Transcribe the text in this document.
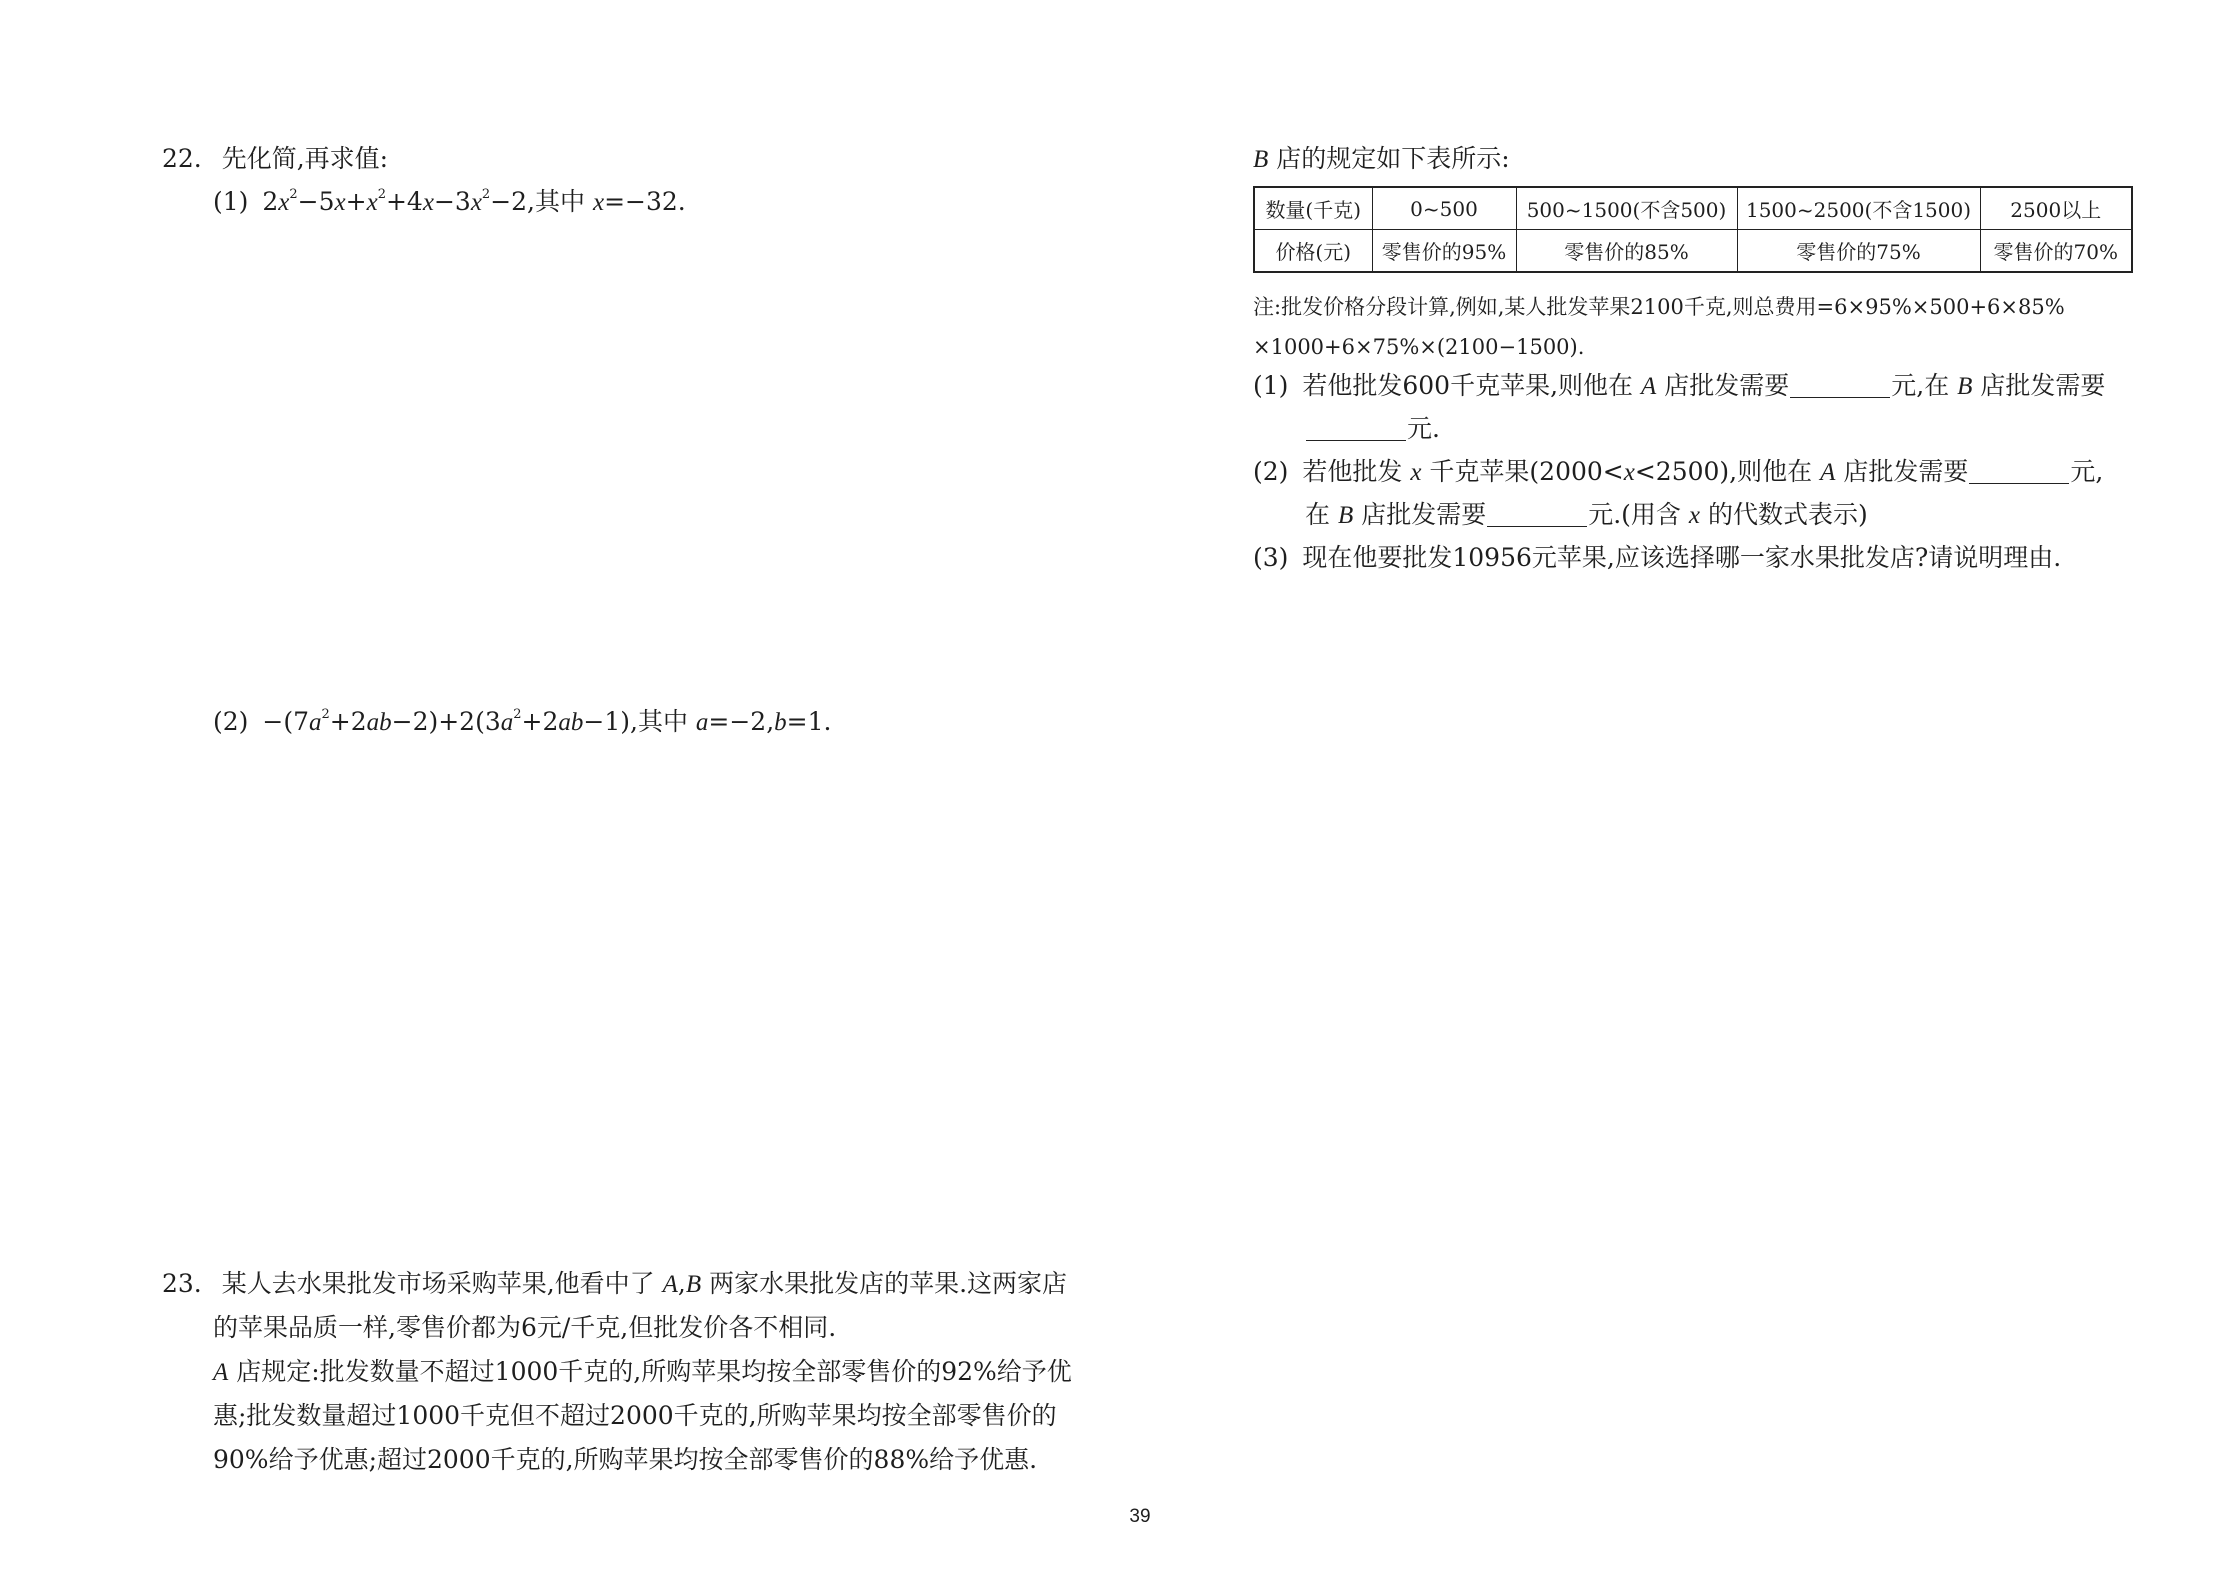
22. 先化简,再求值:
(1) $2x^2-5x+x^2+4x-3x^2-2$,其中 x=−32.
$(2) -(7a^2+2ab-2)+2(3a^2+2ab-1)$,其中 a=−2,b=1.
23. 某人去水果批发市场采购苹果,他看中了 A,B 两家水果批发店的苹果.这两家店
的苹果品质一样,零售价都为6元/千克,但批发价各不相同.
A 店规定:批发数量不超过1000千克的,所购苹果均按全部零售价的92%给予优
惠;批发数量超过1000千克但不超过2000千克的,所购苹果均按全部零售价的
90%给予优惠;超过2000千克的,所购苹果均按全部零售价的88%给予优惠.
B 店的规定如下表所示:
数量(千克)	0~500	500~1500(不含500)	1500~2500(不含1500)	2500以上
价格(元)	零售价的95%	零售价的85%	零售价的75%	零售价的70%
注:批发价格分段计算,例如,某人批发苹果2100千克,则总费用=6×95%×500+6×85%
×1000+6×75%×(2100−1500).
(1) 若他批发600千克苹果,则他在 A 店批发需要	元,在 B 店批发需要
元.
(2) 若他批发 x 千克苹果(2000<x<2500),则他在 A 店批发需要	元,
在 B 店批发需要	元.(用含 x 的代数式表示)
(3) 现在他要批发10956元苹果,应该选择哪一家水果批发店?请说明理由.
39
